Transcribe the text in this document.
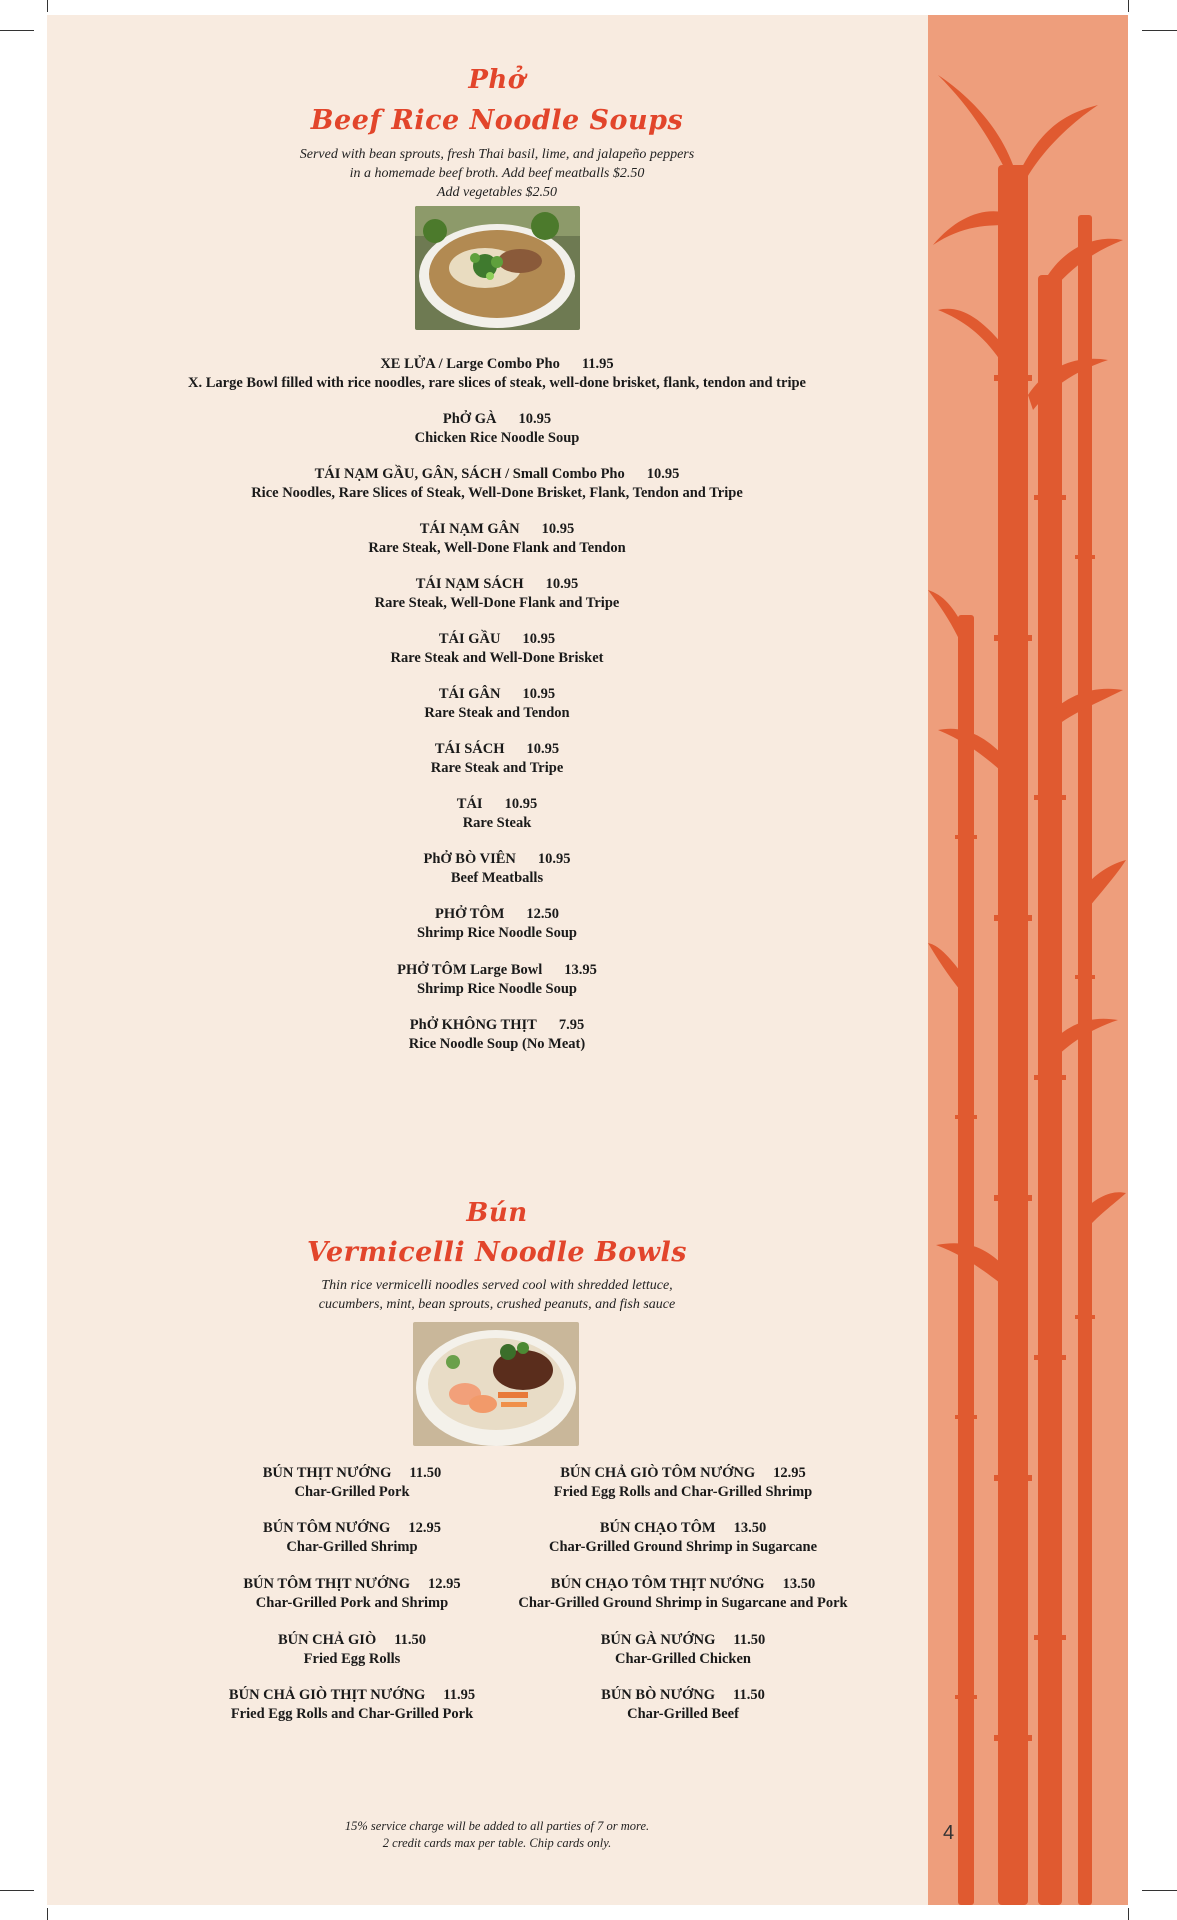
Phở
Beef Rice Noodle Soups
Served with bean sprouts, fresh Thai basil, lime, and jalapeño peppers
in a homemade beef broth. Add beef meatballs $2.50
Add vegetables $2.50
XE LỬA / Large Combo Pho 11.95
X. Large Bowl filled with rice noodles, rare slices of steak, well-done brisket, flank, tendon and tripe
PhỞ GÀ 10.95
Chicken Rice Noodle Soup
TÁI NẠM GẦU, GÂN, SÁCH / Small Combo Pho 10.95
Rice Noodles, Rare Slices of Steak, Well-Done Brisket, Flank, Tendon and Tripe
TÁI NẠM GÂN 10.95
Rare Steak, Well-Done Flank and Tendon
TÁI NẠM SÁCH 10.95
Rare Steak, Well-Done Flank and Tripe
TÁI GẦU 10.95
Rare Steak and Well-Done Brisket
TÁI GÂN 10.95
Rare Steak and Tendon
TÁI SÁCH 10.95
Rare Steak and Tripe
TÁI 10.95
Rare Steak
PhỞ BÒ VIÊN 10.95
Beef Meatballs
PHỞ TÔM 12.50
Shrimp Rice Noodle Soup
PHỞ TÔM Large Bowl 13.95
Shrimp Rice Noodle Soup
PhỞ KHÔNG THỊT 7.95
Rice Noodle Soup (No Meat)
Bún
Vermicelli Noodle Bowls
Thin rice vermicelli noodles served cool with shredded lettuce,
cucumbers, mint, bean sprouts, crushed peanuts, and fish sauce
BÚN THỊT NƯỚNG 11.50
Char-Grilled Pork
BÚN TÔM NƯỚNG 12.95
Char-Grilled Shrimp
BÚN TÔM THỊT NƯỚNG 12.95
Char-Grilled Pork and Shrimp
BÚN CHẢ GIÒ 11.50
Fried Egg Rolls
BÚN CHẢ GIÒ THỊT NƯỚNG 11.95
Fried Egg Rolls and Char-Grilled Pork
BÚN CHẢ GIÒ TÔM NƯỚNG 12.95
Fried Egg Rolls and Char-Grilled Shrimp
BÚN CHẠO TÔM 13.50
Char-Grilled Ground Shrimp in Sugarcane
BÚN CHẠO TÔM THỊT NƯỚNG 13.50
Char-Grilled Ground Shrimp in Sugarcane and Pork
BÚN GÀ NƯỚNG 11.50
Char-Grilled Chicken
BÚN BÒ NƯỚNG 11.50
Char-Grilled Beef
15% service charge will be added to all parties of 7 or more.
2 credit cards max per table. Chip cards only.	4
